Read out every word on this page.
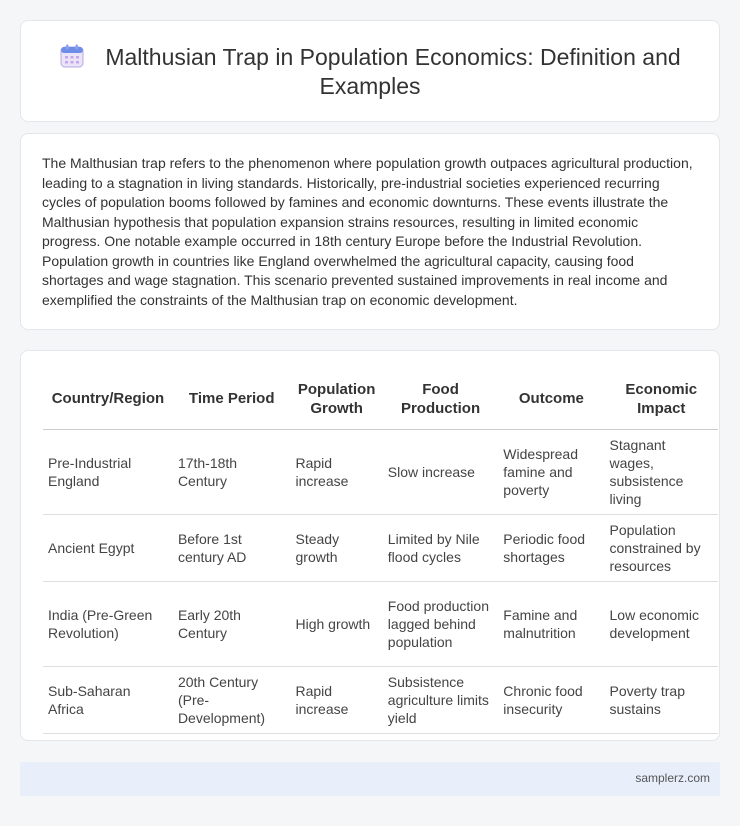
Malthusian Trap in Population Economics: Definition and Examples

The Malthusian trap refers to the phenomenon where population growth outpaces agricultural production, leading to a stagnation in living standards. Historically, pre-industrial societies experienced recurring cycles of population booms followed by famines and economic downturns. These events illustrate the Malthusian hypothesis that population expansion strains resources, resulting in limited economic progress. One notable example occurred in 18th century Europe before the Industrial Revolution. Population growth in countries like England overwhelmed the agricultural capacity, causing food shortages and wage stagnation. This scenario prevented sustained improvements in real income and exemplified the constraints of the Malthusian trap on economic development.

Country/Region	Time Period	Population Growth	Food Production	Outcome	Economic Impact
Pre-Industrial England	17th-18th Century	Rapid increase	Slow increase	Widespread famine and poverty	Stagnant wages, subsistence living
Ancient Egypt	Before 1st century AD	Steady growth	Limited by Nile flood cycles	Periodic food shortages	Population constrained by resources
India (Pre-Green Revolution)	Early 20th Century	High growth	Food production lagged behind population	Famine and malnutrition	Low economic development
Sub-Saharan Africa	20th Century (Pre-Development)	Rapid increase	Subsistence agriculture limits yield	Chronic food insecurity	Poverty trap sustains
samplerz.com
